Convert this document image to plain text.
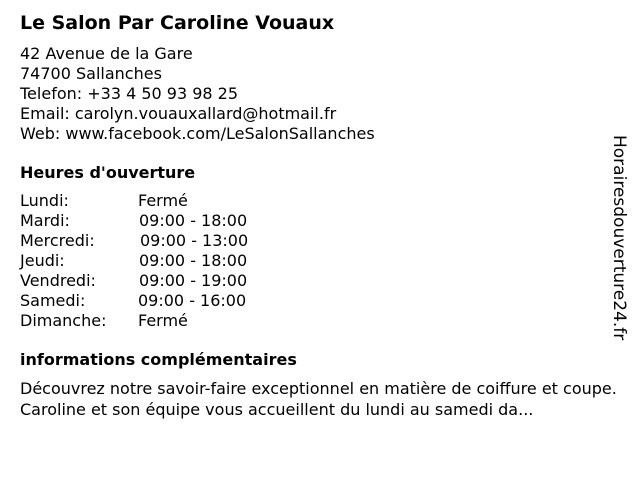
Le Salon Par Caroline Vouaux
42 Avenue de la Gare
74700 Sallanches
Telefon: +33 4 50 93 98 25
Email: carolyn.vouauxallard@hotmail.fr
Web: www.facebook.com/LeSalonSallanches
Heures d'ouverture
Lundi:	Fermé
Mardi:	09:00 - 18:00
Mercredi:	09:00 - 13:00
Jeudi:	09:00 - 18:00
Vendredi:	09:00 - 19:00
Samedi:	09:00 - 16:00
Dimanche: Fermé
informations complémentaires
Découvrez notre savoir-faire exceptionnel en matière de coiffure et coupe. Caroline et son équipe vous accueillent du lundi au samedi da...
Horairesdouverture24.fr
